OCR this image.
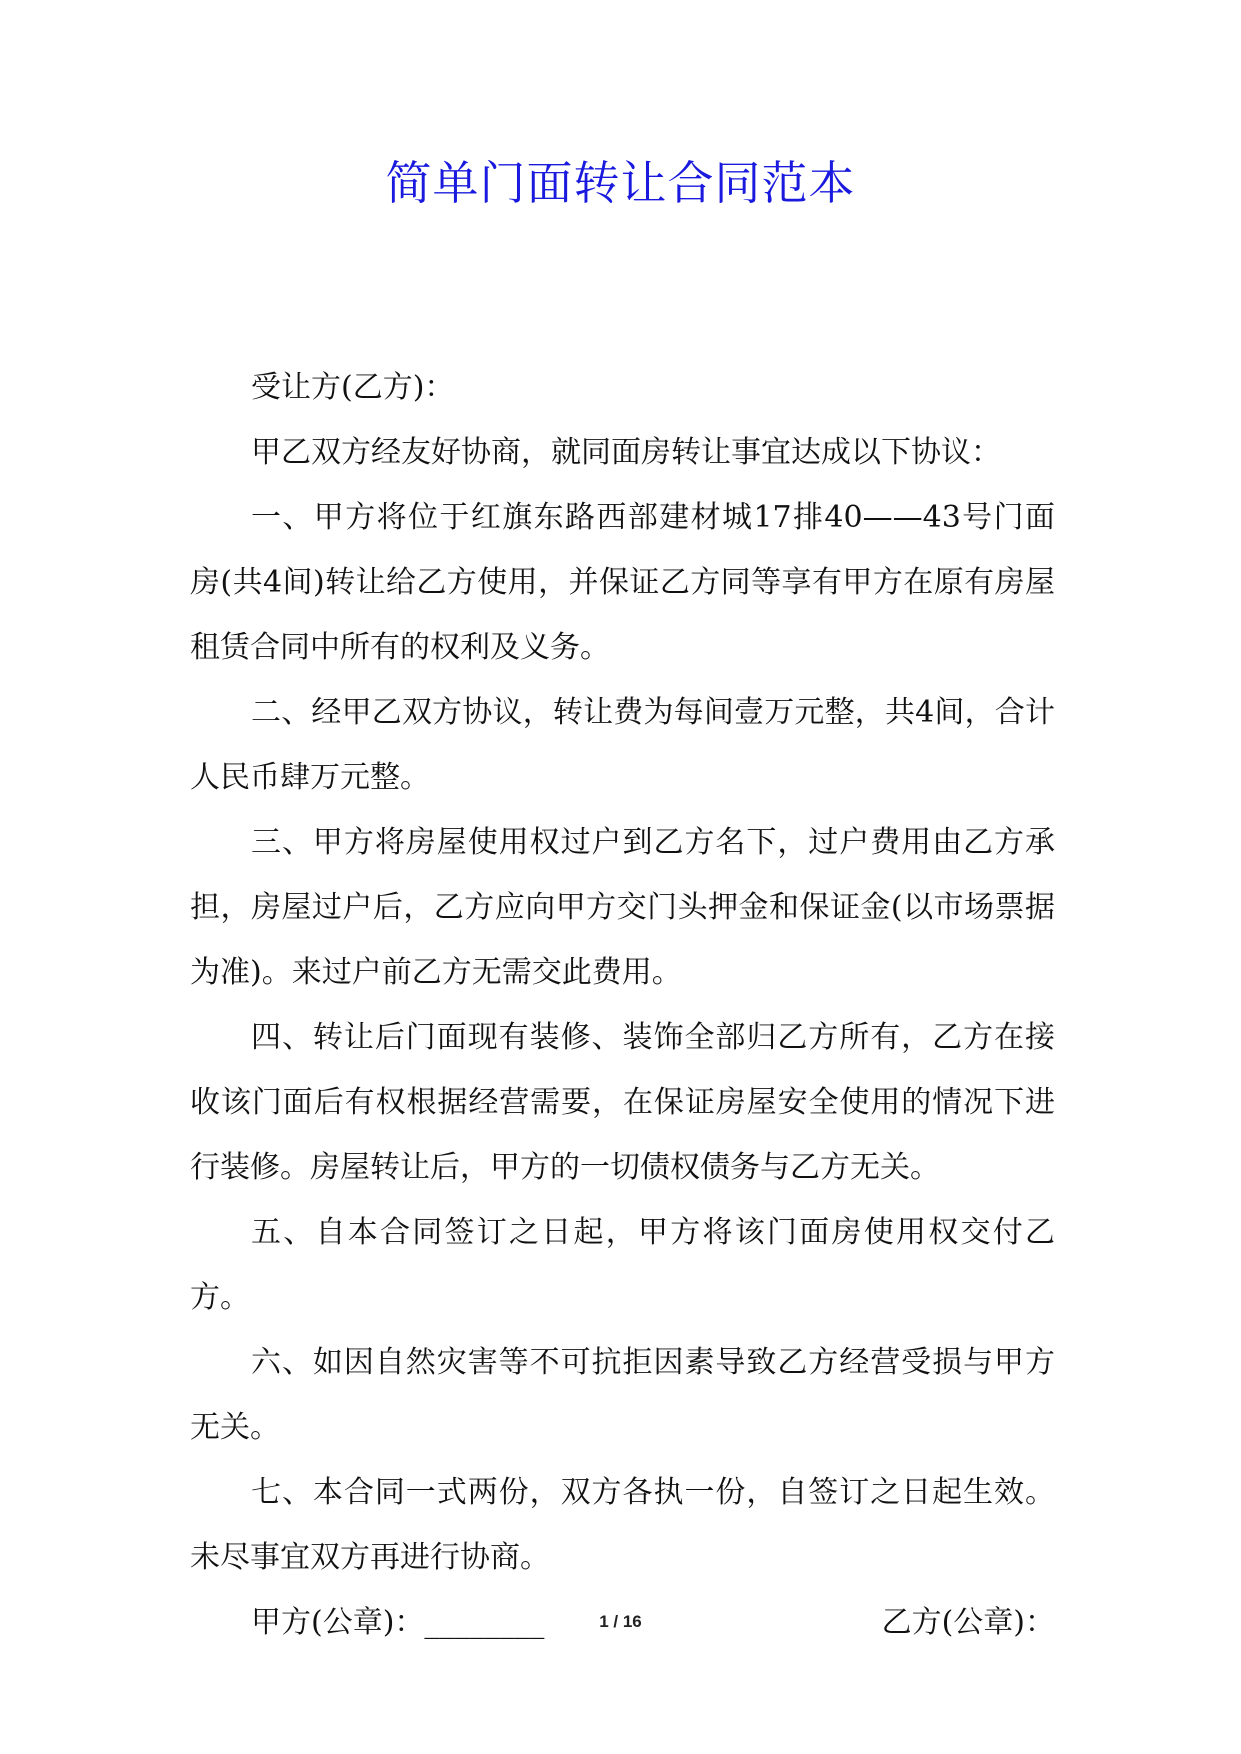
简单门面转让合同范本

受让方(乙方)：

甲乙双方经友好协商，就同面房转让事宜达成以下协议：

一、甲方将位于红旗东路西部建材城17排40——43号门面房(共4间)转让给乙方使用，并保证乙方同等享有甲方在原有房屋租赁合同中所有的权利及义务。

二、经甲乙双方协议，转让费为每间壹万元整，共4间，合计人民币肆万元整。

三、甲方将房屋使用权过户到乙方名下，过户费用由乙方承担，房屋过户后，乙方应向甲方交门头押金和保证金(以市场票据为准)。来过户前乙方无需交此费用。

四、转让后门面现有装修、装饰全部归乙方所有，乙方在接收该门面后有权根据经营需要，在保证房屋安全使用的情况下进行装修。房屋转让后，甲方的一切债权债务与乙方无关。

五、自本合同签订之日起，甲方将该门面房使用权交付乙方。

六、如因自然灾害等不可抗拒因素导致乙方经营受损与甲方无关。

七、本合同一式两份，双方各执一份，自签订之日起生效。未尽事宜双方再进行协商。

甲方(公章)：________	乙方(公章)：
1 / 16
